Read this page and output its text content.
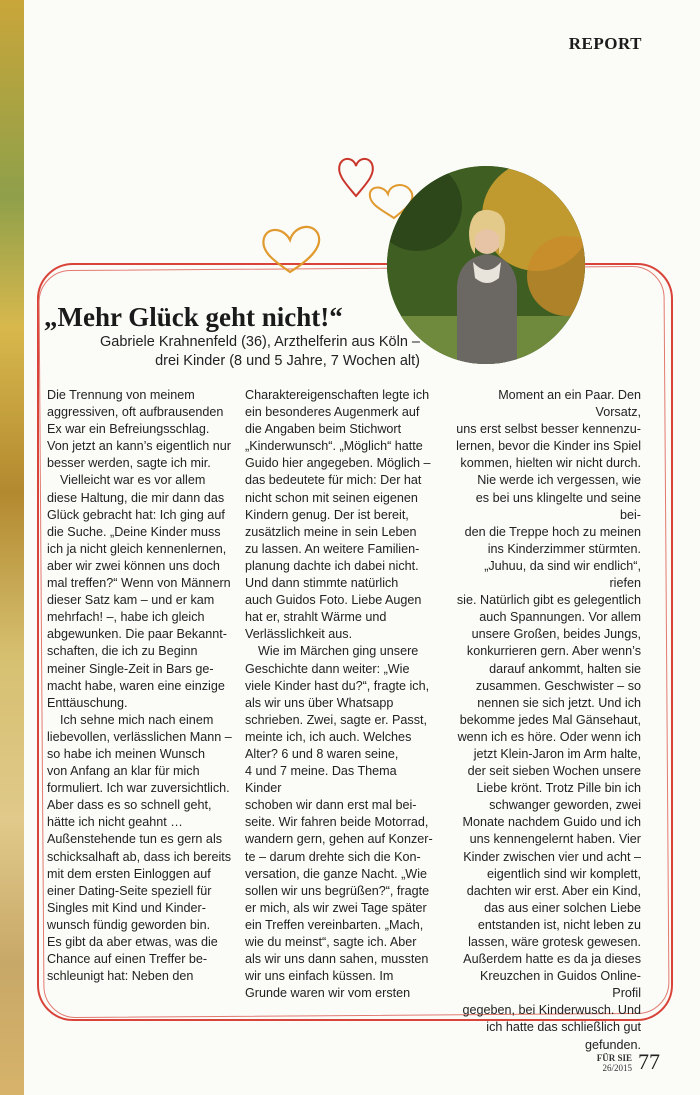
REPORT
„Mehr Glück geht nicht!“
Gabriele Krahnenfeld (36), Arzthelferin aus Köln – drei Kinder (8 und 5 Jahre, 7 Wochen alt)

Die Trennung von meinem
aggressiven, oft aufbrausenden
Ex war ein Befreiungsschlag.
Von jetzt an kann’s eigentlich nur
besser werden, sagte ich mir.

Vielleicht war es vor allem
diese Haltung, die mir dann das
Glück gebracht hat: Ich ging auf
die Suche. „Deine Kinder muss
ich ja nicht gleich kennenlernen,
aber wir zwei können uns doch
mal treffen?“ Wenn von Männern
dieser Satz kam – und er kam
mehrfach! –, habe ich gleich
abgewunken. Die paar Bekannt-
schaften, die ich zu Beginn
meiner Single-Zeit in Bars ge-
macht habe, waren eine einzige
Enttäuschung.

Ich sehne mich nach einem
liebevollen, verlässlichen Mann –
so habe ich meinen Wunsch
von Anfang an klar für mich
formuliert. Ich war zuversichtlich.
Aber dass es so schnell geht,
hätte ich nicht geahnt …
Außenstehende tun es gern als
schicksalhaft ab, dass ich bereits
mit dem ersten Einloggen auf
einer Dating-Seite speziell für
Singles mit Kind und Kinder-
wunsch fündig geworden bin.
Es gibt da aber etwas, was die
Chance auf einen Treffer be-
schleunigt hat: Neben den

Charaktereigenschaften legte ich
ein besonderes Augenmerk auf
die Angaben beim Stichwort
„Kinderwunsch“. „Möglich“ hatte
Guido hier angegeben. Möglich –
das bedeutete für mich: Der hat
nicht schon mit seinen eigenen
Kindern genug. Der ist bereit,
zusätzlich meine in sein Leben
zu lassen. An weitere Familien-
planung dachte ich dabei nicht.
Und dann stimmte natürlich
auch Guidos Foto. Liebe Augen
hat er, strahlt Wärme und
Verlässlichkeit aus.

Wie im Märchen ging unsere
Geschichte dann weiter: „Wie
viele Kinder hast du?“, fragte ich,
als wir uns über Whatsapp
schrieben. Zwei, sagte er. Passt,
meinte ich, ich auch. Welches
Alter? 6 und 8 waren seine,
4 und 7 meine. Das Thema Kinder
schoben wir dann erst mal bei-
seite. Wir fahren beide Motorrad,
wandern gern, gehen auf Konzer-
te – darum drehte sich die Kon-
versation, die ganze Nacht. „Wie
sollen wir uns begrüßen?“, fragte
er mich, als wir zwei Tage später
ein Treffen vereinbarten. „Mach,
wie du meinst“, sagte ich. Aber
als wir uns dann sahen, mussten
wir uns einfach küssen. Im
Grunde waren wir vom ersten

Moment an ein Paar. Den Vorsatz,
uns erst selbst besser kennenzu-
lernen, bevor die Kinder ins Spiel
kommen, hielten wir nicht durch.

Nie werde ich vergessen, wie
es bei uns klingelte und seine bei-
den die Treppe hoch zu meinen
ins Kinderzimmer stürmten.
„Juhuu, da sind wir endlich“, riefen
sie. Natürlich gibt es gelegentlich
auch Spannungen. Vor allem
unsere Großen, beides Jungs,
konkurrieren gern. Aber wenn’s
darauf ankommt, halten sie
zusammen. Geschwister – so
nennen sie sich jetzt. Und ich
bekomme jedes Mal Gänsehaut,
wenn ich es höre. Oder wenn ich
jetzt Klein-Jaron im Arm halte,
der seit sieben Wochen unsere
Liebe krönt. Trotz Pille bin ich
schwanger geworden, zwei
Monate nachdem Guido und ich
uns kennengelernt haben. Vier
Kinder zwischen vier und acht –
eigentlich sind wir komplett,
dachten wir erst. Aber ein Kind,
das aus einer solchen Liebe
entstanden ist, nicht leben zu
lassen, wäre grotesk gewesen.
Außerdem hatte es da ja dieses
Kreuzchen in Guidos Online-Profil
gegeben, bei Kinderwusch. Und
ich hatte das schließlich gut
gefunden.

FÜR SIE
26/2015 77
